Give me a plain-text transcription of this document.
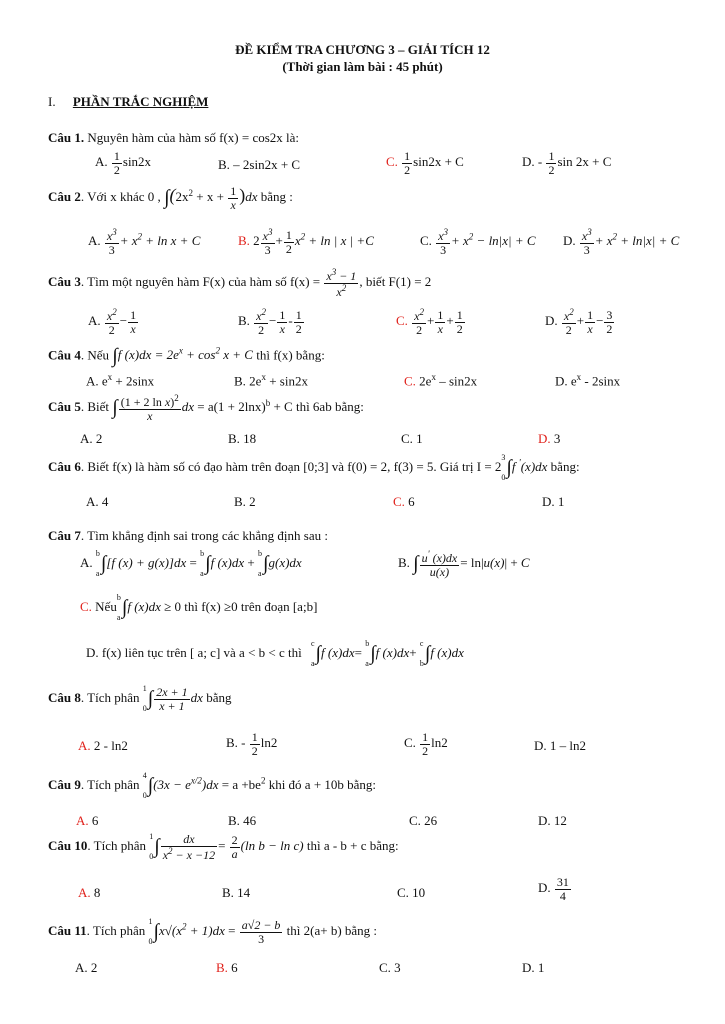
ĐỀ KIỂM TRA CHƯƠNG 3 – GIẢI TÍCH 12
(Thời gian làm bài : 45 phút)
I. PHẦN TRẮC NGHIỆM
Câu 1. Nguyên hàm của hàm số f(x) = cos2x là:
A. $\frac{1}{2} \sin 2x$	B. – 2sin2x + C	C. $\frac{1}{2} \sin 2x + C$	D. - $\frac{1}{2}$ sin 2x + C
Câu 2. Với x khác 0 , $\int(2x^2 + x + \frac{1}{x} )dx$ bằng :
A. $\frac{x^3}{3} + x^2 + \ln x + C$	B. $2 \frac{x^3}{3} + \frac{1}{2} x^2 + \ln$ | x | +C	C. $\frac{x^3}{3} + x^2 - \ln|x| + C$ D. $\frac{x^3}{3} + x^2 + \ln|x| + C$
Câu 3. Tìm một nguyên hàm F(x) của hàm số $f(x) = \frac{x^3 - 1}{x^2}$ , biết F(1) = 2
A. $\frac{x^2}{2} - \frac{1}{x}$	B. $\frac{x^2}{2} - \frac{1}{x} - \frac{1}{2}$	C. $\frac{x^2}{2} + \frac{1}{x} + \frac{1}{2}$	D. $\frac{x^2}{2} + \frac{1}{x} - \frac{3}{2}$
Câu 4. Nếu ∫f $(x)dx = 2e^x + \cos^2 x + C$ thì f(x) bằng:
A. $e^x + 2\sin x$	B. $2e^x + \sin 2x$	C. $2e^x - \sin 2x$	D. $e^x - 2\sin x$
Câu 5. Biết ∫ $\frac{(1 + 2 \ln x)^2}{x}$ dx = $a(1 + 2\ln x)^b + C$ thì 6ab bằng:
A. 2	B. 18	C. 1	D. 3
Câu 6. Biết f(x) là hàm số có đạo hàm trên đoạn [0;3] và f(0) = 2, f(3) = 5. Giá trị I = 2
3
0 ∫f '(x)dx bằng:
A. 4	B. 2	C. 6	D. 1
Câu 7. Tìm khẳng định sai trong các khẳng định sau :
A.
b
a ∫[f (x) + g(x)]dx =
b
a ∫f (x)dx +
b
a ∫g(x)dx	B. ∫ $\frac{u' (x)dx}{u(x)} = \ln|u(x)| + C$
C. Nếu
b
a ∫f (x)dx ≥ 0 thì f(x) ≥0 trên đoạn [a;b]
D. f(x) liên tục trên [ a; c] và a < b < c thì
c
a ∫f (x)dx=
b
a ∫f (x)dx+
c
b ∫f (x)dx
Câu 8. Tích phân
1
0 ∫ $\frac{2x + 1}{x + 1}$ dx bằng
A. 2 - ln2	B. - $\frac{1}{2} \ln 2$	C. $\frac{1}{2} \ln 2$	D. 1 – ln2
Câu 9. Tích phân
4
0 $\int(3x - e^{x/2})dx = a +be^2$ khi đó a + 10b bằng:
A. 6	B. 46	C. 26	D. 12
Câu 10. Tích phân
1
0 ∫ $\frac{dx}{x^2 - x -12} = \frac{2}{a} (\ln$ b − ln c) thì a - b + c bằng:
A. 8	B. 14	C. 10	D. $\frac{31}{4}$
Câu 11. Tích phân
1
0 $\int x√(x^2 + 1)dx = \frac{a√2 - b}{3}$ thì 2(a+ b) bằng :
A. 2	B. 6	C. 3	D. 1
